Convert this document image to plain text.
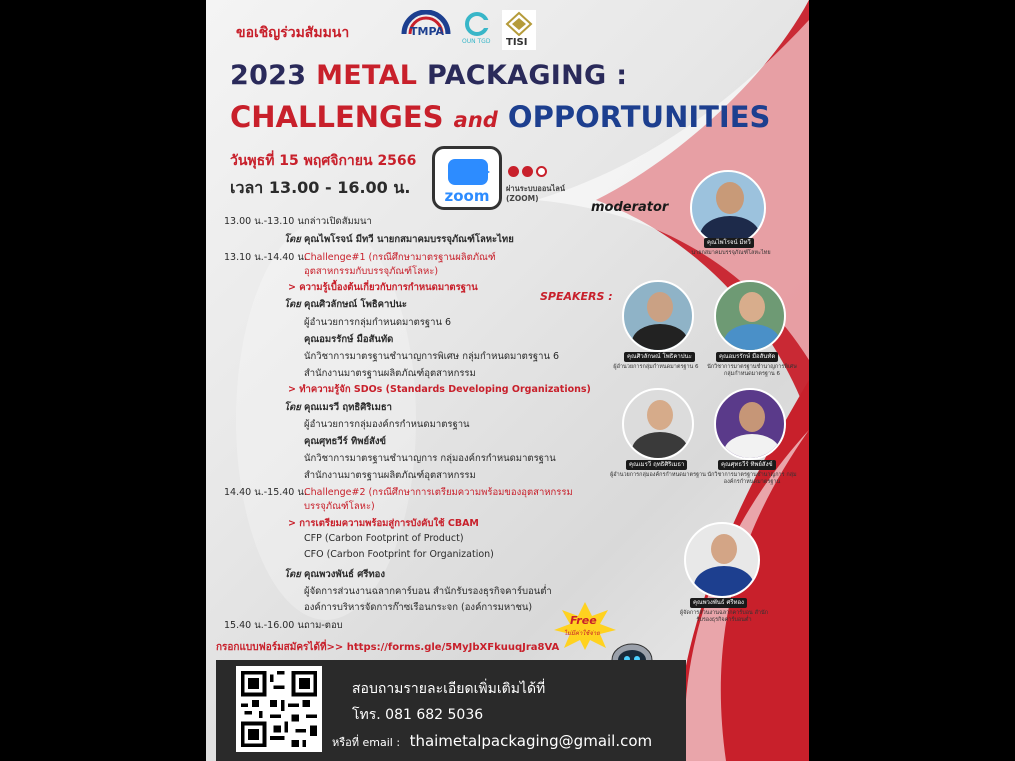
ขอเชิญร่วมสัมมนา	TMPA
OUN TGD TISI
2023 METAL PACKAGING :
CHALLENGES and OPPORTUNITIES
วันพุธที่ 15 พฤศจิกายน 2566
เวลา 13.00 - 16.00 น.	zoom	ผ่านระบบออนไลน์ (ZOOM)
moderator
SPEAKERS :
13.00 น.-13.10 น.
กล่าวเปิดสัมมนา
โดย คุณไพโรจน์ มีทวี นายกสมาคมบรรจุภัณฑ์โลหะไทย
13.10 น.-14.40 น.
Challenge#1 (กรณีศึกษามาตรฐานผลิตภัณฑ์
อุตสาหกรรมกับบรรจุภัณฑ์โลหะ)
> ความรู้เบื้องต้นเกี่ยวกับการกำหนดมาตรฐาน
โดย คุณศิวลักษณ์ โพธิคาปนะ
ผู้อำนวยการกลุ่มกำหนดมาตรฐาน 6
คุณอมรรักษ์ มือสันทัด
นักวิชาการมาตรฐานชำนาญการพิเศษ กลุ่มกำหนดมาตรฐาน 6
สำนักงานมาตรฐานผลิตภัณฑ์อุตสาหกรรม
> ทำความรู้จัก SDOs (Standards Developing Organizations)
โดย คุณเมรวี ฤทธิศิริเมธา
ผู้อำนวยการกลุ่มองค์กรกำหนดมาตรฐาน
คุณศุทธวีร์ ทิพย์สังข์
นักวิชาการมาตรฐานชำนาญการ กลุ่มองค์กรกำหนดมาตรฐาน
สำนักงานมาตรฐานผลิตภัณฑ์อุตสาหกรรม
14.40 น.-15.40 น.
Challenge#2 (กรณีศึกษาการเตรียมความพร้อมของอุตสาหกรรม
บรรจุภัณฑ์โลหะ)
> การเตรียมความพร้อมสู่การบังคับใช้ CBAM
CFP (Carbon Footprint of Product)
CFO (Carbon Footprint for Organization)
โดย คุณพวงพันธ์ ศรีทอง
ผู้จัดการส่วนงานฉลากคาร์บอน สำนักรับรองธุรกิจคาร์บอนต่ำ
องค์การบริหารจัดการก๊าซเรือนกระจก (องค์การมหาชน)
15.40 น.-16.00 น.
ถาม-ตอบ
คุณไพโรจน์ มีทวี
นายกสมาคมบรรจุภัณฑ์โลหะไทย
คุณศิวลักษณ์ โพธิคาปนะ
ผู้อำนวยการกลุ่มกำหนดมาตรฐาน 6
คุณอมรรักษ์ มือสันทัด
นักวิชาการมาตรฐานชำนาญการพิเศษ กลุ่มกำหนดมาตรฐาน 6
คุณเมรวี ฤทธิศิริเมธา
ผู้อำนวยการกลุ่มองค์กรกำหนดมาตรฐาน
คุณศุทธวีร์ ทิพย์สังข์
นักวิชาการมาตรฐานชำนาญการ กลุ่มองค์กรกำหนดมาตรฐาน
คุณพวงพันธ์ ศรีทอง
ผู้จัดการส่วนงานฉลากคาร์บอน สำนักรับรองธุรกิจคาร์บอนต่ำ
Free
ไม่มีค่าใช้จ่าย
กรอกแบบฟอร์มสมัครได้ที่>> https://forms.gle/5MyJbXFkuuqJra8VA
สอบถามรายละเอียดเพิ่มเติมได้ที่
โทร. 081 682 5036
หรือที่ email : thaimetalpackaging@gmail.com
